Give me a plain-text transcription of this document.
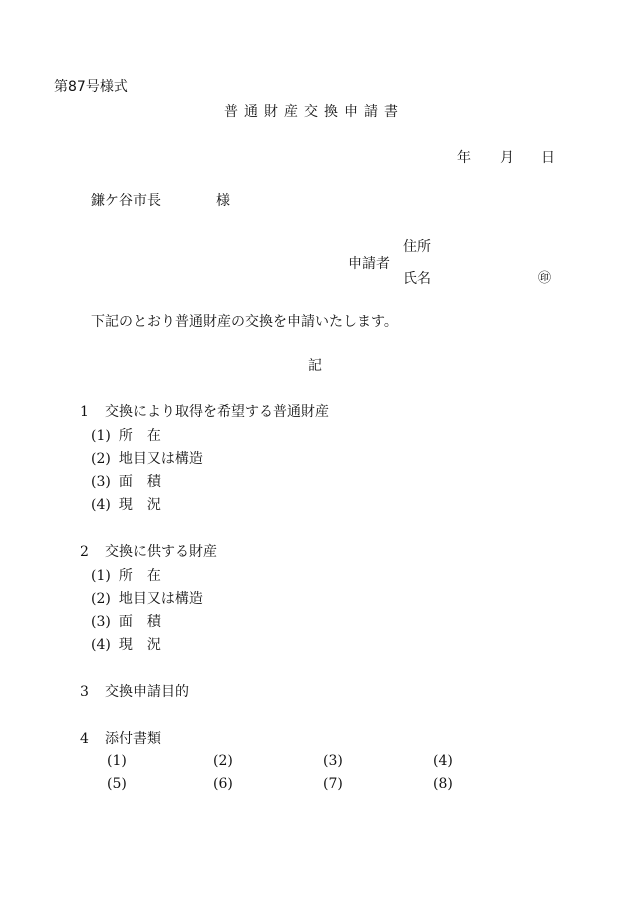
第87号様式
普通財産交換申請書
年 月 日
鎌ケ谷市長	様
住所
申請者
氏名	㊞
下記のとおり普通財産の交換を申請いたします。
記
1 交換により取得を希望する普通財産
(1) 所　在
(2) 地目又は構造
(3) 面　積
(4) 現　況
2 交換に供する財産
(1) 所　在
(2) 地目又は構造
(3) 面　積
(4) 現　況
3 交換申請目的
4 添付書類
(1)	(2)	(3)	(4)
(5)	(6)	(7)	(8)
